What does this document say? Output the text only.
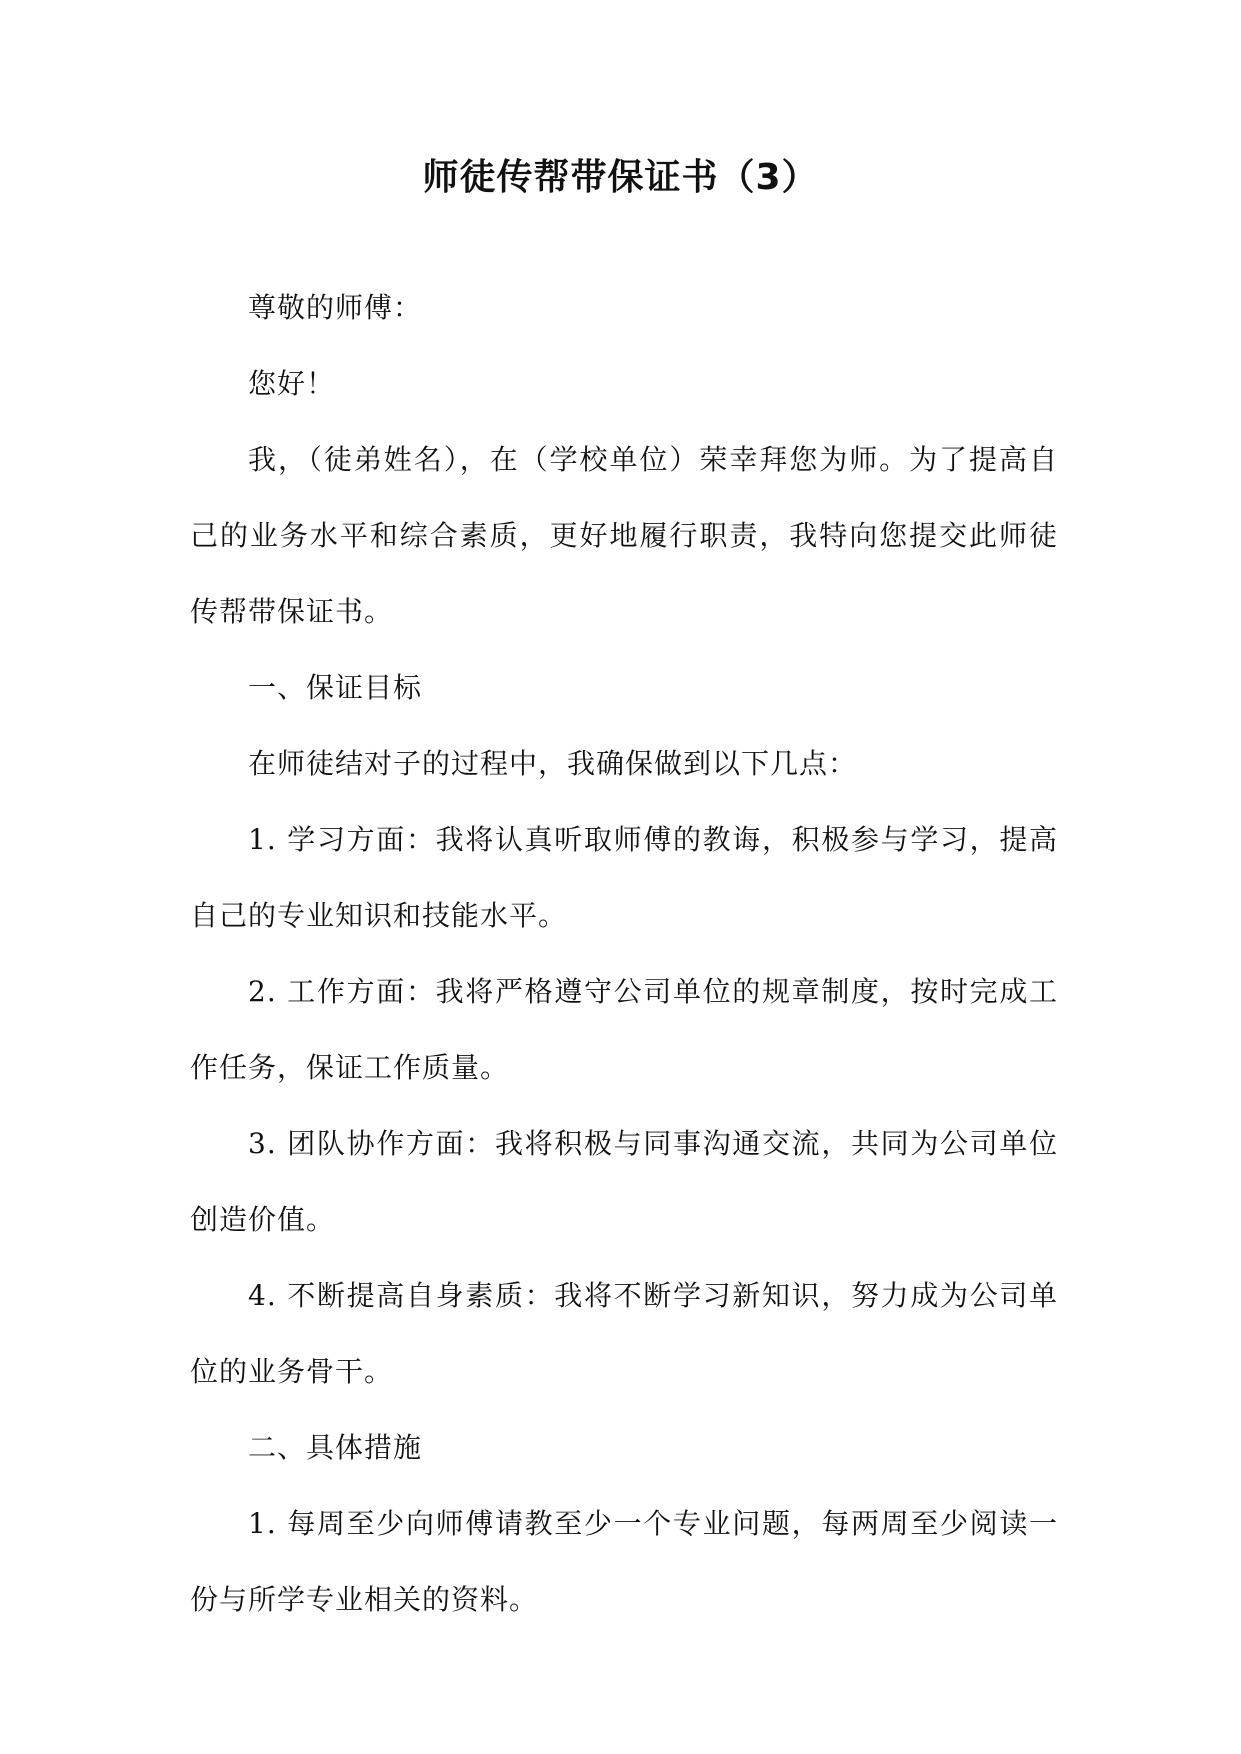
师徒传帮带保证书（3）

尊敬的师傅：

您好！

我，（徒弟姓名），在（学校单位）荣幸拜您为师。为了提高自己的业务水平和综合素质，更好地履行职责，我特向您提交此师徒传帮带保证书。

一、保证目标

在师徒结对子的过程中，我确保做到以下几点：

1. 学习方面：我将认真听取师傅的教诲，积极参与学习，提高自己的专业知识和技能水平。

2. 工作方面：我将严格遵守公司单位的规章制度，按时完成工作任务，保证工作质量。

3. 团队协作方面：我将积极与同事沟通交流，共同为公司单位创造价值。

4. 不断提高自身素质：我将不断学习新知识，努力成为公司单位的业务骨干。

二、具体措施

1. 每周至少向师傅请教至少一个专业问题，每两周至少阅读一份与所学专业相关的资料。
